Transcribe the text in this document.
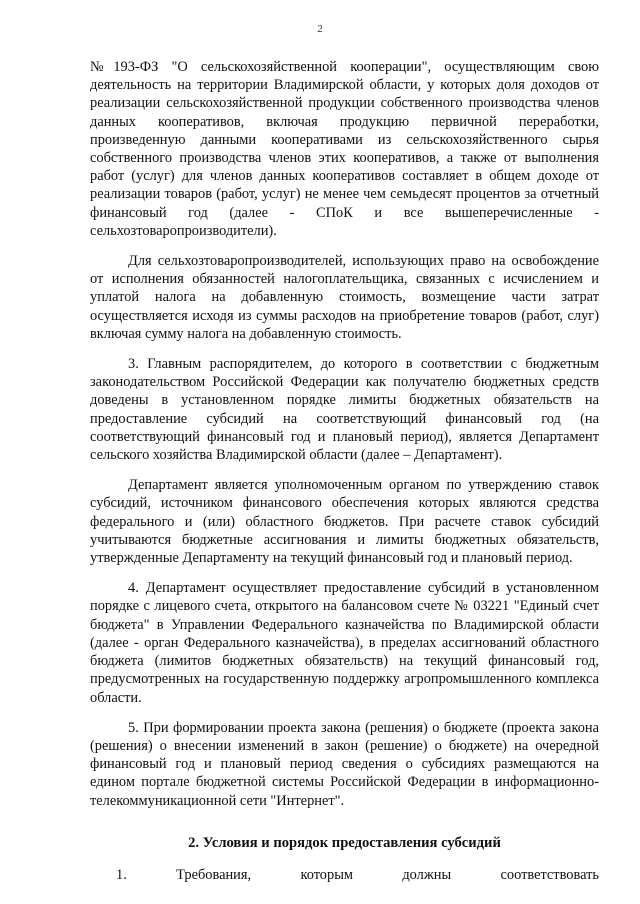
2

№193-ФЗ "О сельскохозяйственной кооперации", осуществляющим свою деятельность на территории Владимирской области, у которых доля доходов от реализации сельскохозяйственной продукции собственного производства членов данных кооперативов, включая продукцию первичной переработки, произведенную данными кооперативами из сельскохозяйственного сырья собственного производства членов этих кооперативов, а также от выполнения работ (услуг) для членов данных кооперативов составляет в общем доходе от реализации товаров (работ, услуг) не менее чем семьдесят процентов за отчетный финансовый год (далее - СПоК и все вышеперечисленные - сельхозтоваропроизводители).

Для сельхозтоваропроизводителей, использующих право на освобождение от исполнения обязанностей налогоплательщика, связанных с исчислением и уплатой налога на добавленную стоимость, возмещение части затрат осуществляется исходя из суммы расходов на приобретение товаров (работ, слуг) включая сумму налога на добавленную стоимость.

3. Главным распорядителем, до которого в соответствии с бюджетным законодательством Российской Федерации как получателю бюджетных средств доведены в установленном порядке лимиты бюджетных обязательств на предоставление субсидий на соответствующий финансовый год (на соответствующий финансовый год и плановый период), является Департамент сельского хозяйства Владимирской области (далее – Департамент).

Департамент является уполномоченным органом по утверждению ставок субсидий, источником финансового обеспечения которых являются средства федерального и (или) областного бюджетов. При расчете ставок субсидий учитываются бюджетные ассигнования и лимиты бюджетных обязательств, утвержденные Департаменту на текущий финансовый год и плановый период.

4. Департамент осуществляет предоставление субсидий в установленном порядке с лицевого счета, открытого на балансовом счете № 03221 "Единый счет бюджета" в Управлении Федерального казначейства по Владимирской области (далее - орган Федерального казначейства), в пределах ассигнований областного бюджета (лимитов бюджетных обязательств) на текущий финансовый год, предусмотренных на государственную поддержку агропромышленного комплекса области.

5. При формировании проекта закона (решения) о бюджете (проекта закона (решения) о внесении изменений в закон (решение) о бюджете) на очередной финансовый год и плановый период сведения о субсидиях размещаются на едином портале бюджетной системы Российской Федерации в информационно-телекоммуникационной сети "Интернет".

2. Условия и порядок предоставления субсидий
1.	Требования,	которым	должны	соответствовать
